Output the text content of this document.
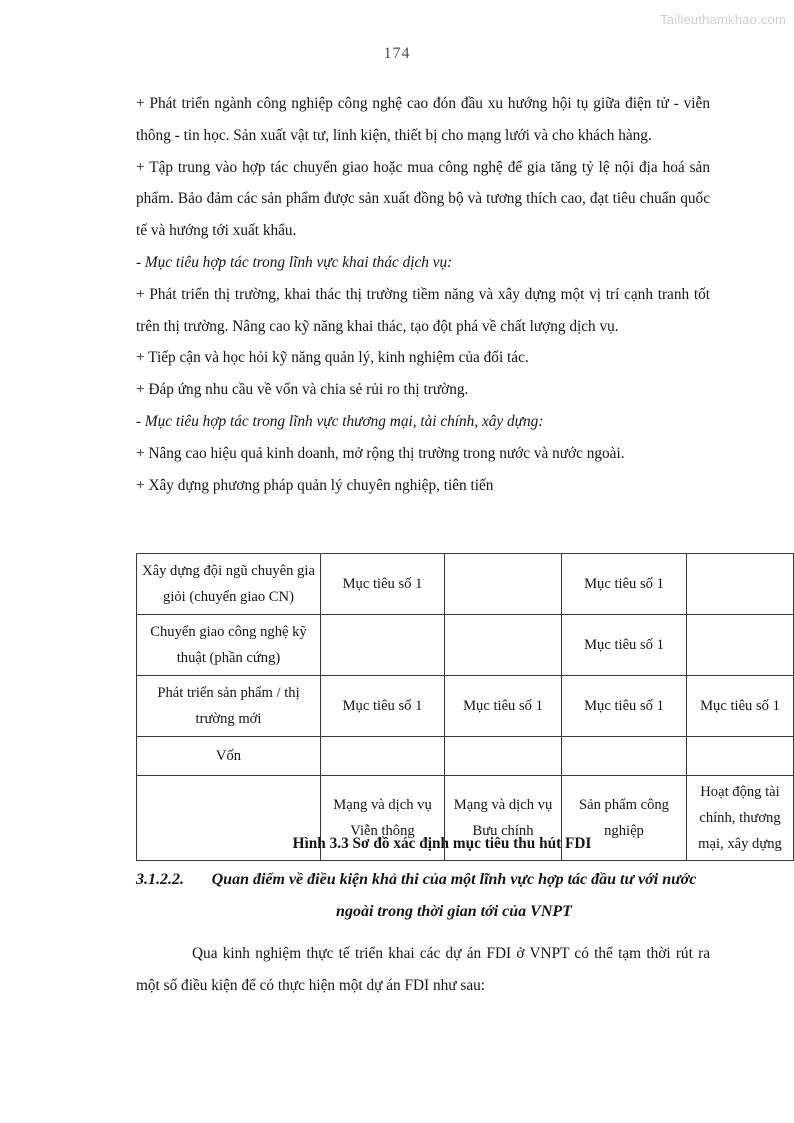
Tailieuthamkhao.com
174

+ Phát triển ngành công nghiệp công nghệ cao đón đầu xu hướng hội tụ giữa điện tử - viễn thông - tin học. Sản xuất vật tư, linh kiện, thiết bị cho mạng lưới và cho khách hàng.

+ Tập trung vào hợp tác chuyển giao hoặc mua công nghệ để gia tăng tỷ lệ nội địa hoá sản phẩm. Bảo đảm các sản phẩm được sản xuất đồng bộ và tương thích cao, đạt tiêu chuẩn quốc tế và hướng tới xuất khẩu.

- Mục tiêu hợp tác trong lĩnh vực khai thác dịch vụ:

+ Phát triển thị trường, khai thác thị trường tiềm năng và xây dựng một vị trí cạnh tranh tốt trên thị trường. Nâng cao kỹ năng khai thác, tạo đột phá về chất lượng dịch vụ.

+ Tiếp cận và học hỏi kỹ năng quản lý, kinh nghiệm của đối tác.

+ Đáp ứng nhu cầu về vốn và chia sẻ rủi ro thị trường.

- Mục tiêu hợp tác trong lĩnh vực thương mại, tài chính, xây dựng:

+ Nâng cao hiệu quả kinh doanh, mở rộng thị trường trong nước và nước ngoài.

+ Xây dựng phương pháp quản lý chuyên nghiệp, tiên tiến

Xây dựng đội ngũ chuyên gia giỏi (chuyển giao CN)	Mục tiêu số 1		Mục tiêu số 1	
Chuyển giao công nghệ kỹ thuật (phần cứng)			Mục tiêu số 1	
Phát triển sản phẩm / thị trường mới	Mục tiêu số 1	Mục tiêu số 1	Mục tiêu số 1	Mục tiêu số 1
Vốn				
	Mạng và dịch vụ Viễn thông	Mạng và dịch vụ Bưu chính	Sản phẩm công nghiệp	Hoạt động tài chính, thương mại, xây dựng
Hình 3.3 Sơ đồ xác định mục tiêu thu hút FDI
3.1.2.2. Quan điểm về điều kiện khả thi của một lĩnh vực hợp tác đầu tư với nước ngoài trong thời gian tới của VNPT

Qua kinh nghiệm thực tế triển khai các dự án FDI ở VNPT có thể tạm thời rút ra một số điều kiện để có thực hiện một dự án FDI như sau:
